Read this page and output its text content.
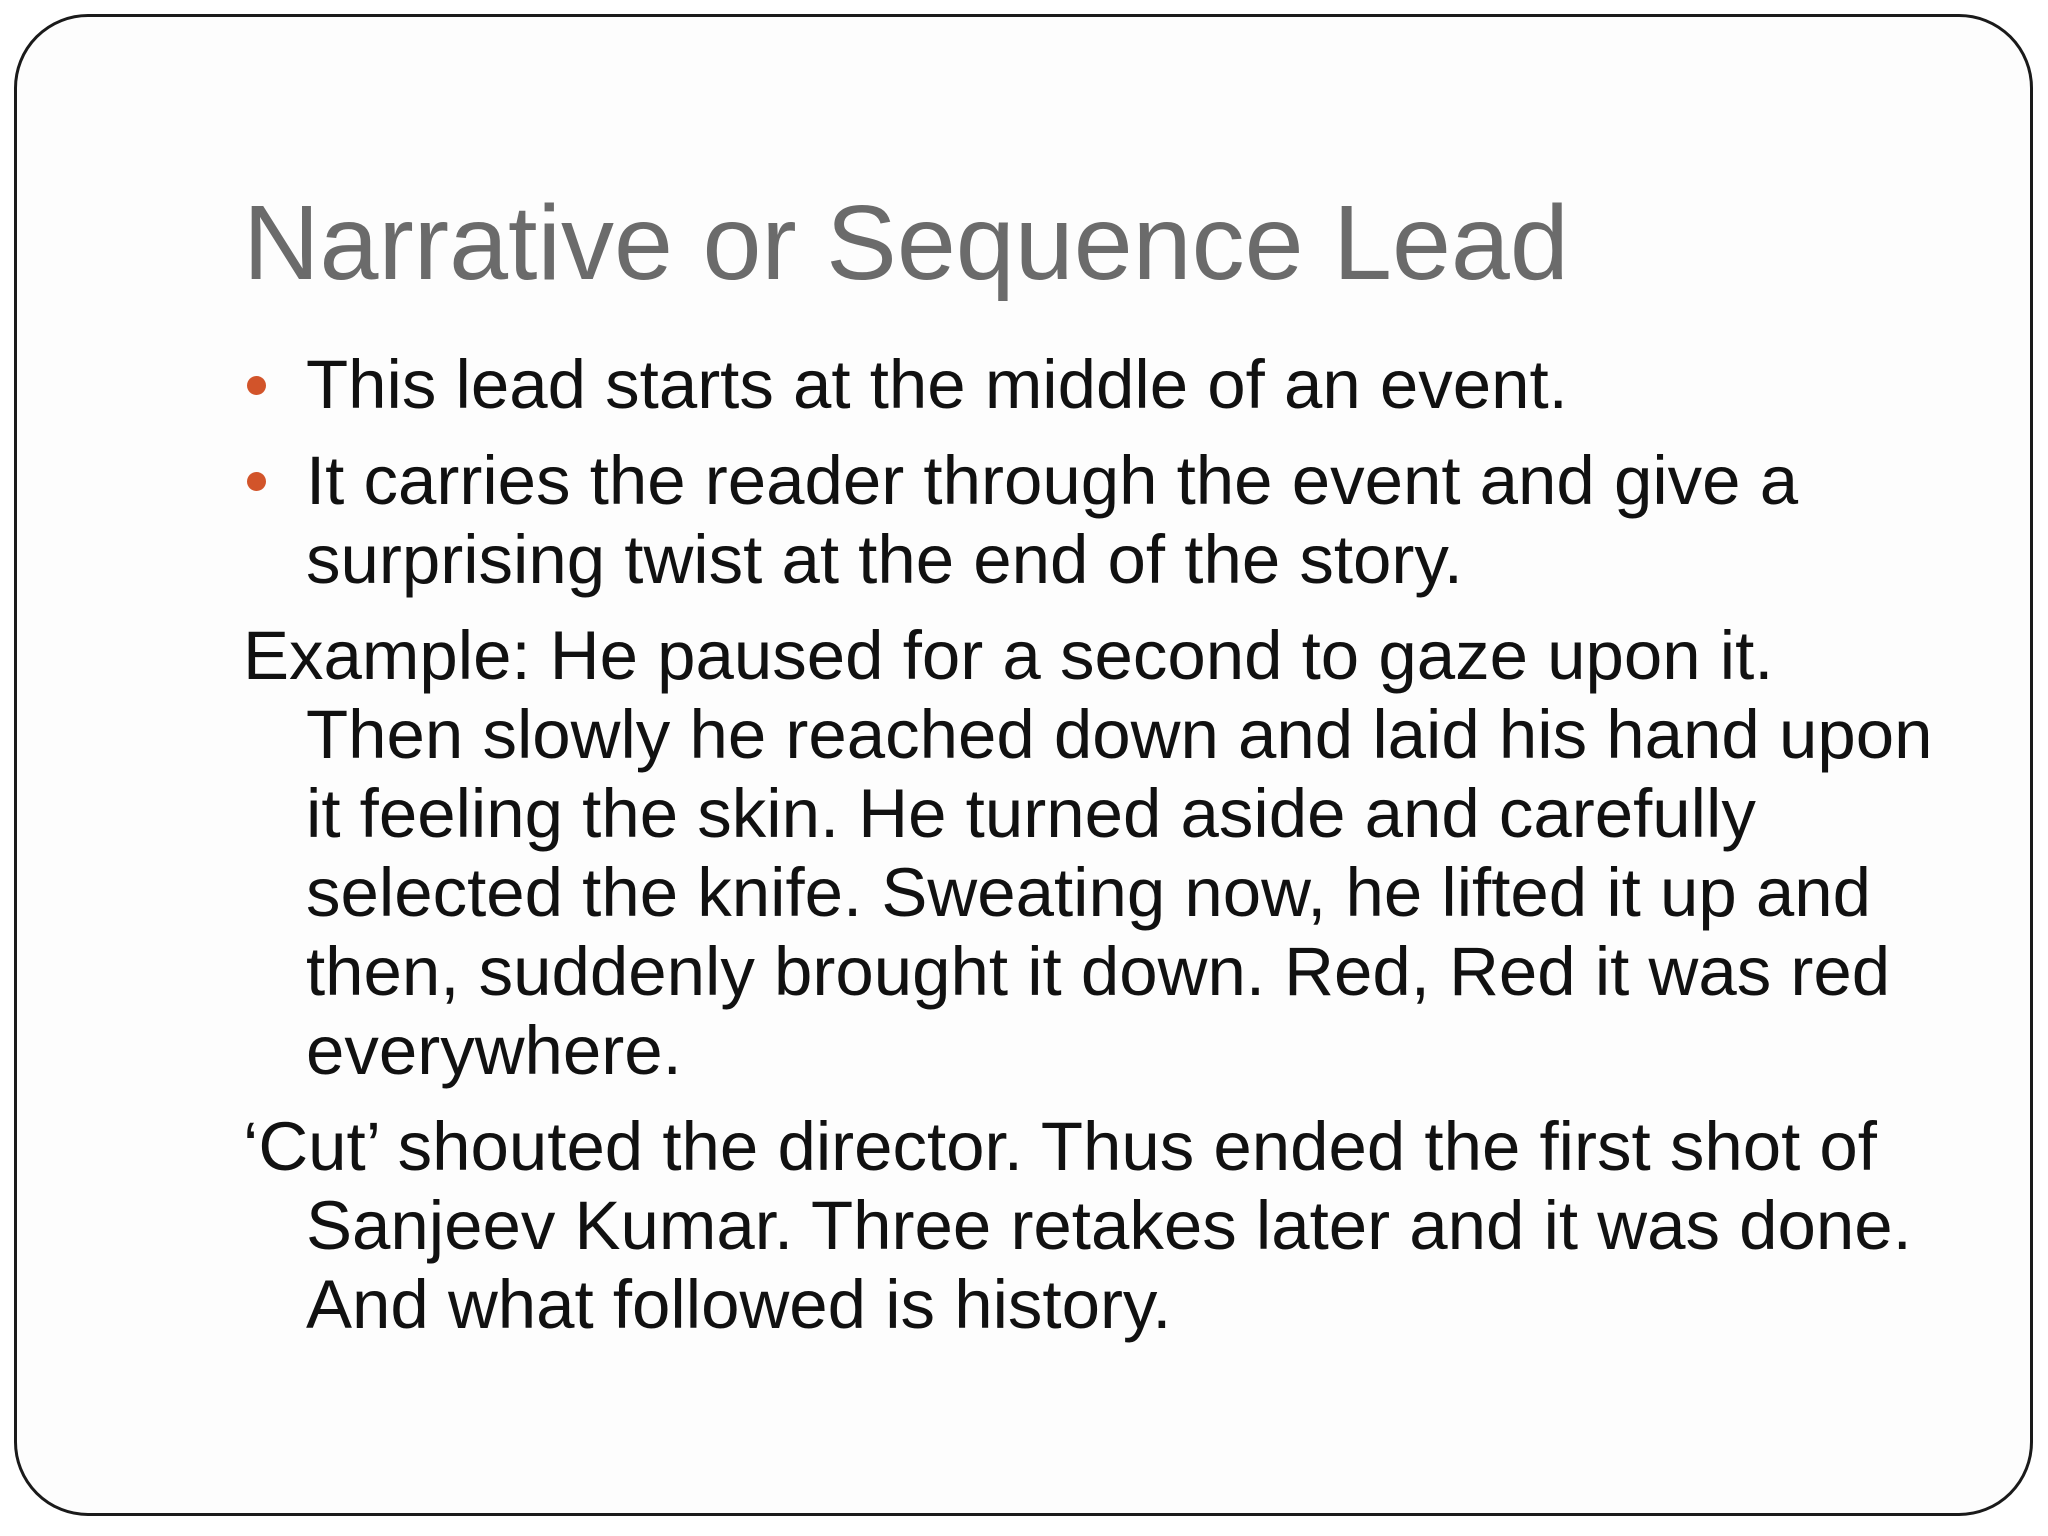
Narrative or Sequence Lead
This lead starts at the middle of an event.
It carries the reader through the event and give a surprising twist at the end of the story.

Example: He paused for a second to gaze upon it. Then slowly he reached down and laid his hand upon it feeling the skin. He turned aside and carefully selected the knife. Sweating now, he lifted it up and then, suddenly brought it down. Red, Red it was red everywhere.

‘Cut’ shouted the director. Thus ended the first shot of Sanjeev Kumar. Three retakes later and it was done. And what followed is history.
